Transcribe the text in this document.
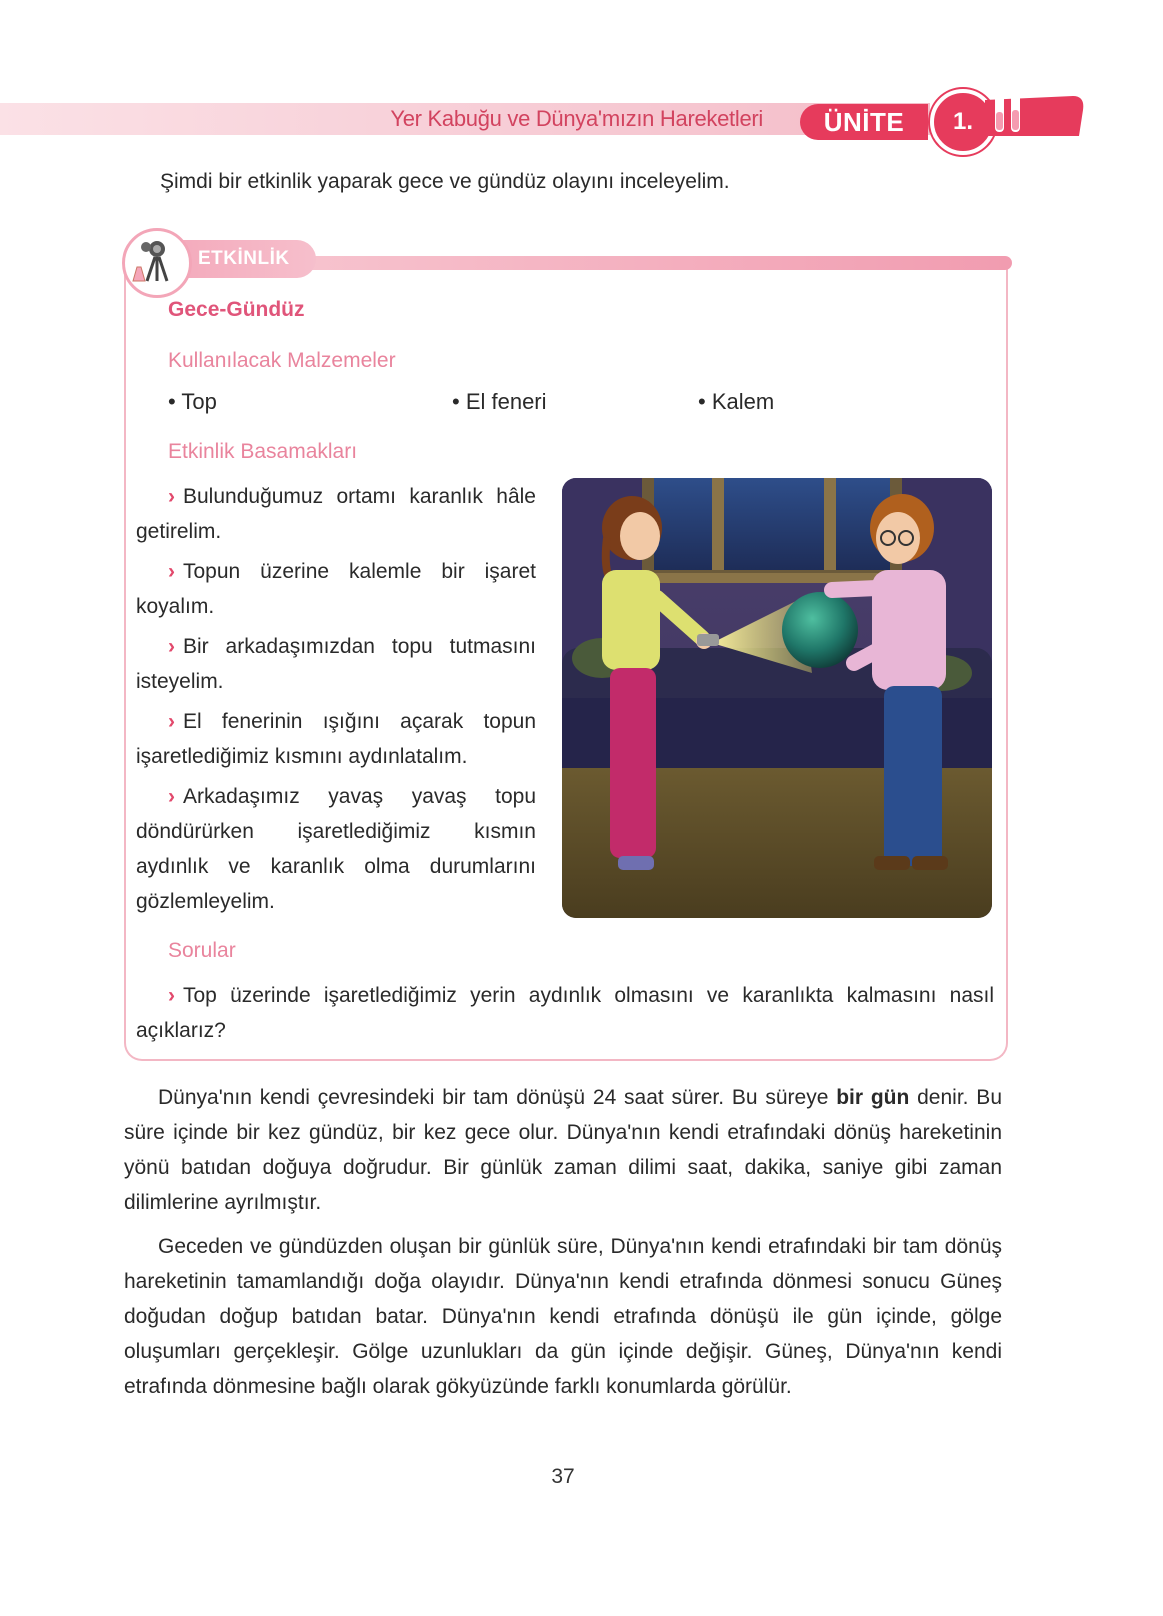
Yer Kabuğu ve Dünya'mızın Hareketleri	ÜNİTE	1.
Şimdi bir etkinlik yaparak gece ve gündüz olayını inceleyelim.
ETKİNLİK
Gece-Gündüz
Kullanılacak Malzemeler
• Top	• El feneri	• Kalem
Etkinlik Basamakları

› Bulunduğumuz ortamı karanlık hâle getirelim.

› Topun üzerine kalemle bir işaret koyalım.

› Bir arkadaşımızdan topu tutmasını isteyelim.

› El fenerinin ışığını açarak topun işaretlediğimiz kısmını aydınlatalım.

› Arkadaşımız yavaş yavaş topu döndürürken işaretlediğimiz kısmın aydınlık ve karanlık olma durumlarını gözlemleyelim.

Sorular
› Top üzerinde işaretlediğimiz yerin aydınlık olmasını ve karanlıkta kalmasını nasıl açıklarız?
Dünya'nın kendi çevresindeki bir tam dönüşü 24 saat sürer. Bu süreye bir gün denir. Bu süre içinde bir kez gündüz, bir kez gece olur. Dünya'nın kendi etrafındaki dönüş hareketinin yönü batıdan doğuya doğrudur. Bir günlük zaman dilimi saat, dakika, saniye gibi zaman dilimlerine ayrılmıştır.
Geceden ve gündüzden oluşan bir günlük süre, Dünya'nın kendi etrafındaki bir tam dönüş hareketinin tamamlandığı doğa olayıdır. Dünya'nın kendi etrafında dönmesi sonucu Güneş doğudan doğup batıdan batar. Dünya'nın kendi etrafında dönüşü ile gün içinde, gölge oluşumları gerçekleşir. Gölge uzunlukları da gün içinde değişir. Güneş, Dünya'nın kendi etrafında dönmesine bağlı olarak gökyüzünde farklı konumlarda görülür.
37
